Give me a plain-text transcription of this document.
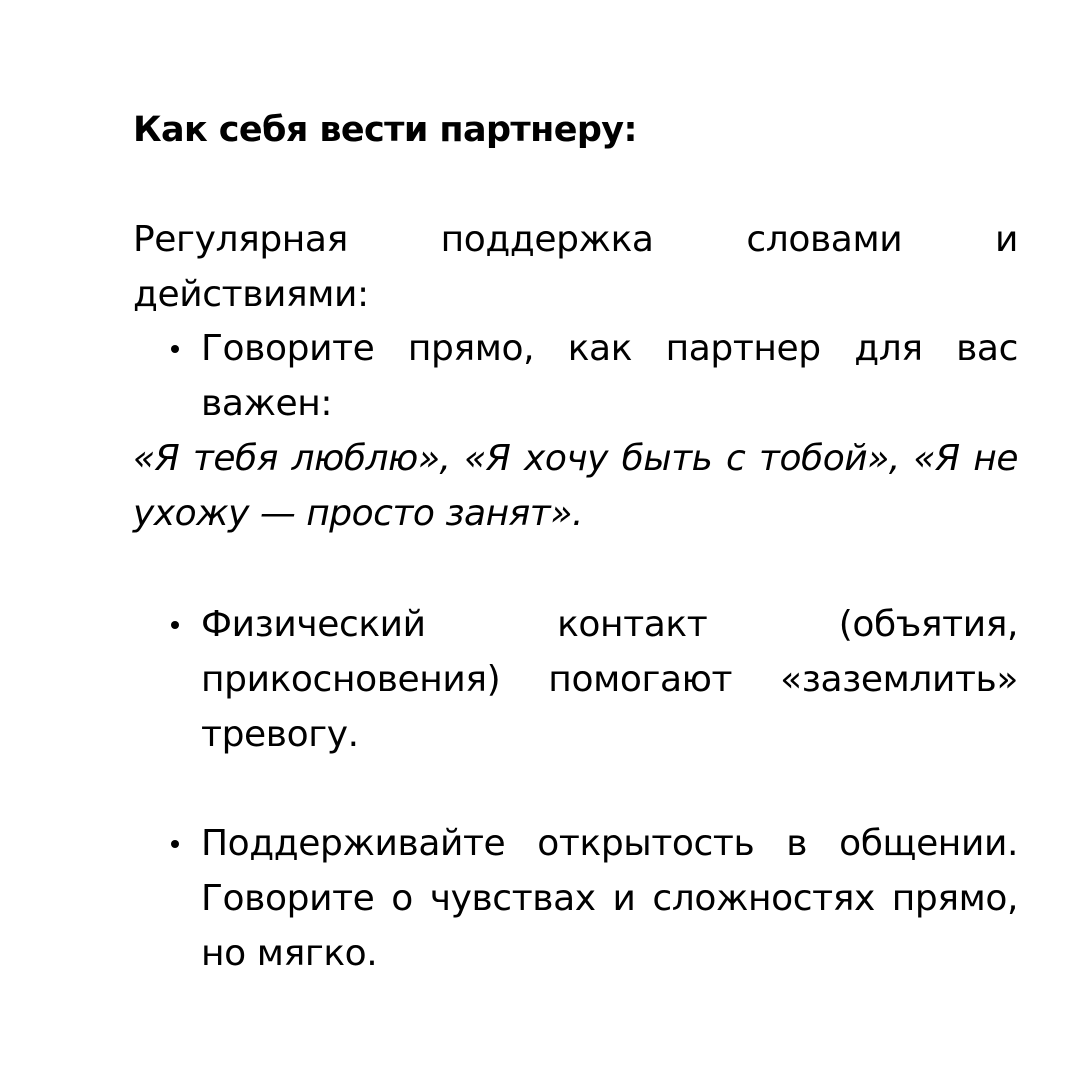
Как себя вести партнеру:

Регулярная поддержка словами и действиями:

Говорите прямо, как партнер для вас важен:

«Я тебя люблю», «Я хочу быть с тобой», «Я не ухожу — просто занят».

Физический контакт (объятия, прикосновения) помогают «заземлить» тревогу.

Поддерживайте открытость в общении. Говорите о чувствах и сложностях прямо, но мягко.
